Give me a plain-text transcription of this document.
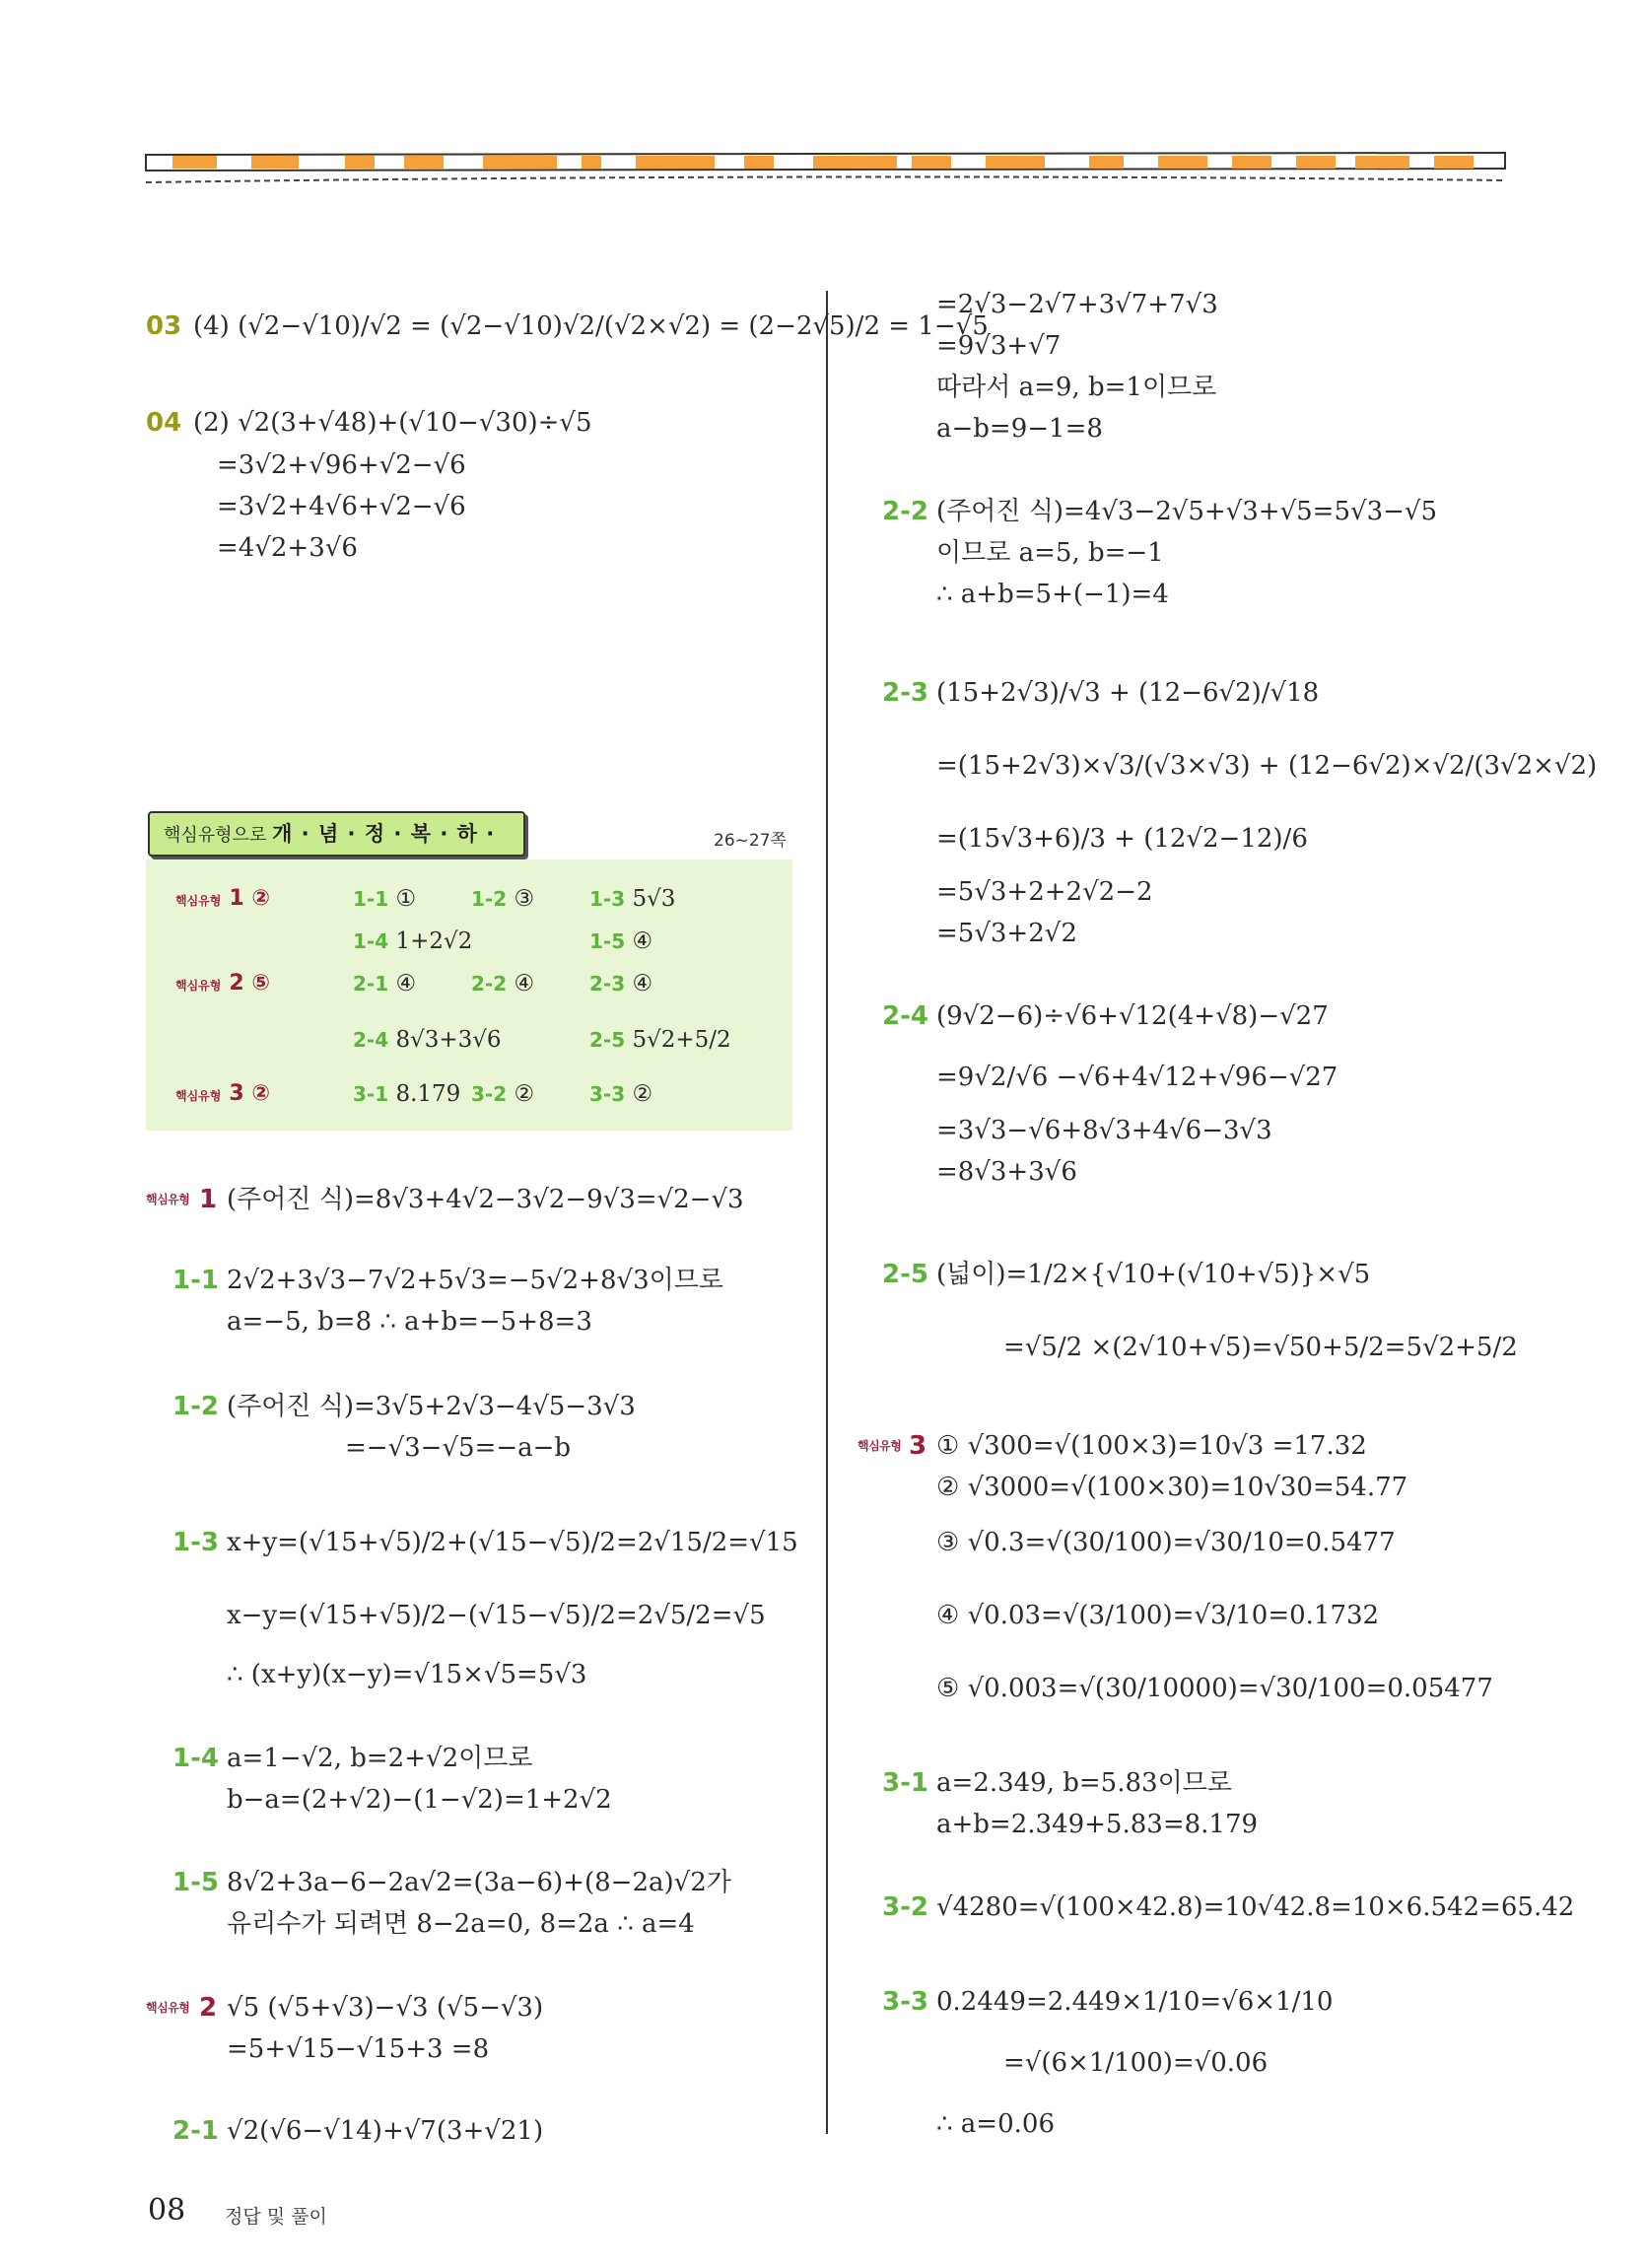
03 (4) (√2−√10)/√2 = (√2−√10)√2/(√2×√2) = (2−2√5)/2 = 1−√5
04 (2) √2(3+√48)+(√10−√30)÷√5
=3√2+√96+√2−√6
=3√2+4√6+√2−√6
=4√2+3√6
핵심유형으로 개 · 념 · 정 · 복 · 하 ·	26~27쪽
핵심유형 1 ②	1-1 ①	1-2 ③	1-3 5√3
1-4 1+2√2	1-5 ④
핵심유형 2 ⑤	2-1 ④	2-2 ④	2-3 ④
2-4 8√3+3√6	2-5 5√2+5/2
핵심유형 3 ②	3-1 8.179 3-2 ②	3-3 ②
핵심유형 1 (주어진 식)=8√3+4√2−3√2−9√3=√2−√3
1-1 2√2+3√3−7√2+5√3=−5√2+8√3이므로
a=−5, b=8 ∴ a+b=−5+8=3
1-2 (주어진 식)=3√5+2√3−4√5−3√3
=−√3−√5=−a−b
1-3 x+y=(√15+√5)/2+(√15−√5)/2=2√15/2=√15
x−y=(√15+√5)/2−(√15−√5)/2=2√5/2=√5
∴ (x+y)(x−y)=√15×√5=5√3
1-4 a=1−√2, b=2+√2이므로
b−a=(2+√2)−(1−√2)=1+2√2
1-5 8√2+3a−6−2a√2=(3a−6)+(8−2a)√2가
유리수가 되려면 8−2a=0, 8=2a ∴ a=4
핵심유형 2 √5 (√5+√3)−√3 (√5−√3)
=5+√15−√15+3 =8
2-1 √2(√6−√14)+√7(3+√21)
08 정답 및 풀이
=2√3−2√7+3√7+7√3
=9√3+√7
따라서 a=9, b=1이므로
a−b=9−1=8
2-2 (주어진 식)=4√3−2√5+√3+√5=5√3−√5
이므로 a=5, b=−1
∴ a+b=5+(−1)=4
2-3 (15+2√3)/√3 + (12−6√2)/√18
=(15+2√3)×√3/(√3×√3) + (12−6√2)×√2/(3√2×√2)
=(15√3+6)/3 + (12√2−12)/6
=5√3+2+2√2−2
=5√3+2√2
2-4 (9√2−6)÷√6+√12(4+√8)−√27
=9√2/√6 −√6+4√12+√96−√27
=3√3−√6+8√3+4√6−3√3
=8√3+3√6
2-5 (넓이)=1/2×{√10+(√10+√5)}×√5
=√5/2 ×(2√10+√5)=√50+5/2=5√2+5/2
핵심유형 3 ① √300=√(100×3)=10√3 =17.32
② √3000=√(100×30)=10√30=54.77
③ √0.3=√(30/100)=√30/10=0.5477
④ √0.03=√(3/100)=√3/10=0.1732
⑤ √0.003=√(30/10000)=√30/100=0.05477
3-1 a=2.349, b=5.83이므로
a+b=2.349+5.83=8.179
3-2 √4280=√(100×42.8)=10√42.8=10×6.542=65.42
3-3 0.2449=2.449×1/10=√6×1/10
=√(6×1/100)=√0.06
∴ a=0.06
